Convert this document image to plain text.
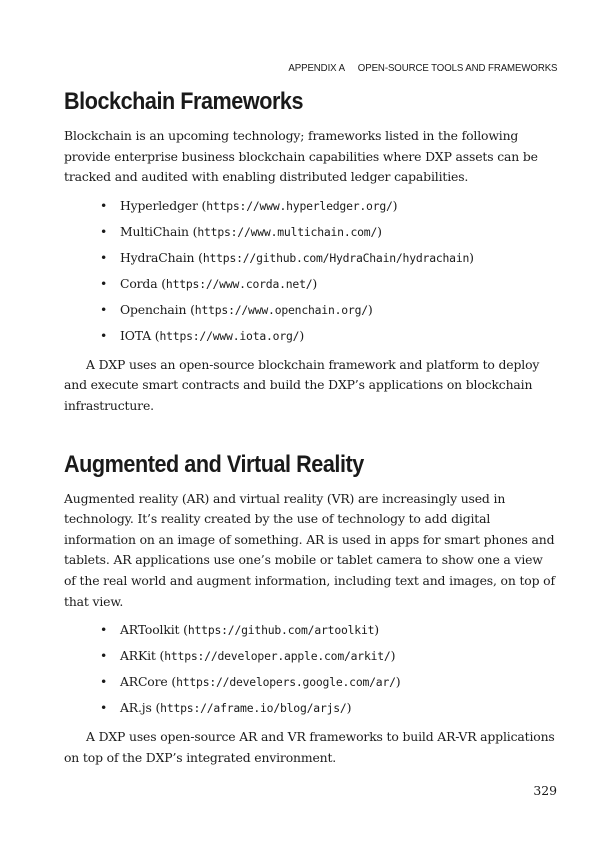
APPENDIX A OPEN-SOURCE TOOLS AND FRAMEWORKS
Blockchain Frameworks

Blockchain is an upcoming technology; frameworks listed in the following provide enterprise business blockchain capabilities where DXP assets can be tracked and audited with enabling distributed ledger capabilities.

• Hyperledger (https://www.hyperledger.org/)
• MultiChain (https://www.multichain.com/)
• HydraChain (https://github.com/HydraChain/hydrachain)
• Corda (https://www.corda.net/)
• Openchain (https://www.openchain.org/)
• IOTA (https://www.iota.org/)

A DXP uses an open-source blockchain framework and platform to deploy and execute smart contracts and build the DXP’s applications on blockchain infrastructure.

Augmented and Virtual Reality

Augmented reality (AR) and virtual reality (VR) are increasingly used in technology. It’s reality created by the use of technology to add digital information on an image of something. AR is used in apps for smart phones and tablets. AR applications use one’s mobile or tablet camera to show one a view of the real world and augment information, including text and images, on top of that view.

• ARToolkit (https://github.com/artoolkit)
• ARKit (https://developer.apple.com/arkit/)
• ARCore (https://developers.google.com/ar/)
• AR.js (https://aframe.io/blog/arjs/)

A DXP uses open-source AR and VR frameworks to build AR-VR applications on top of the DXP’s integrated environment.

329
